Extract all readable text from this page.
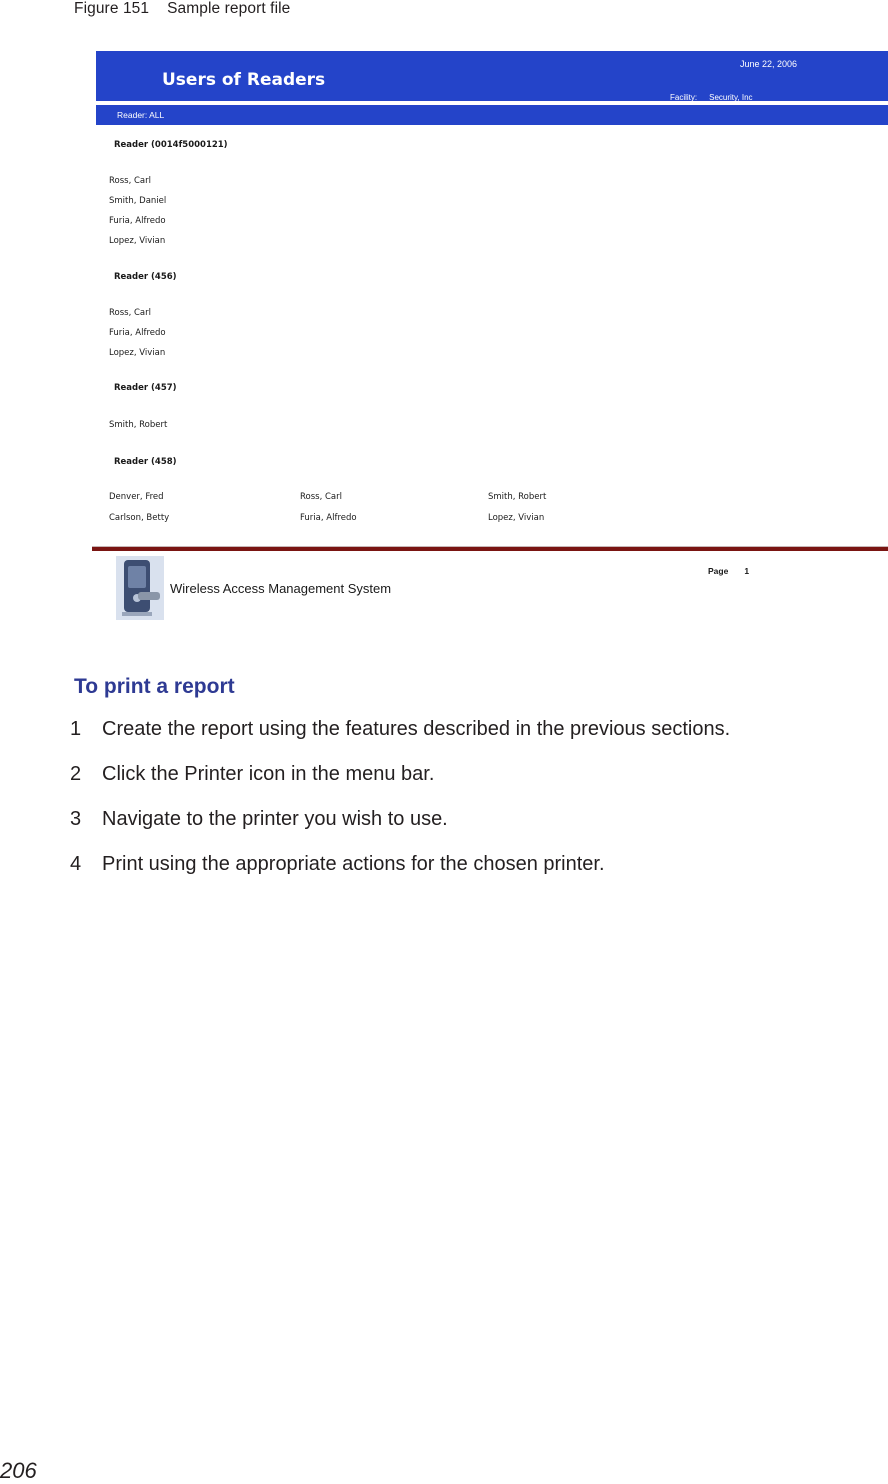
Figure 151 Sample report file
Users of Readers
June 22, 2006
Facility: Security, Inc
Reader: ALL
Reader (0014f5000121)
Ross, Carl
Smith, Daniel
Furia, Alfredo
Lopez, Vivian
Reader (456)
Ross, Carl
Furia, Alfredo
Lopez, Vivian
Reader (457)
Smith, Robert
Reader (458)
Denver, Fred	Ross, Carl	Smith, Robert
Carlson, Betty	Furia, Alfredo	Lopez, Vivian
Wireless Access Management System
Page 1
To print a report
1 Create the report using the features described in the previous sections.
2 Click the Printer icon in the menu bar.
3 Navigate to the printer you wish to use.
4 Print using the appropriate actions for the chosen printer.
206
